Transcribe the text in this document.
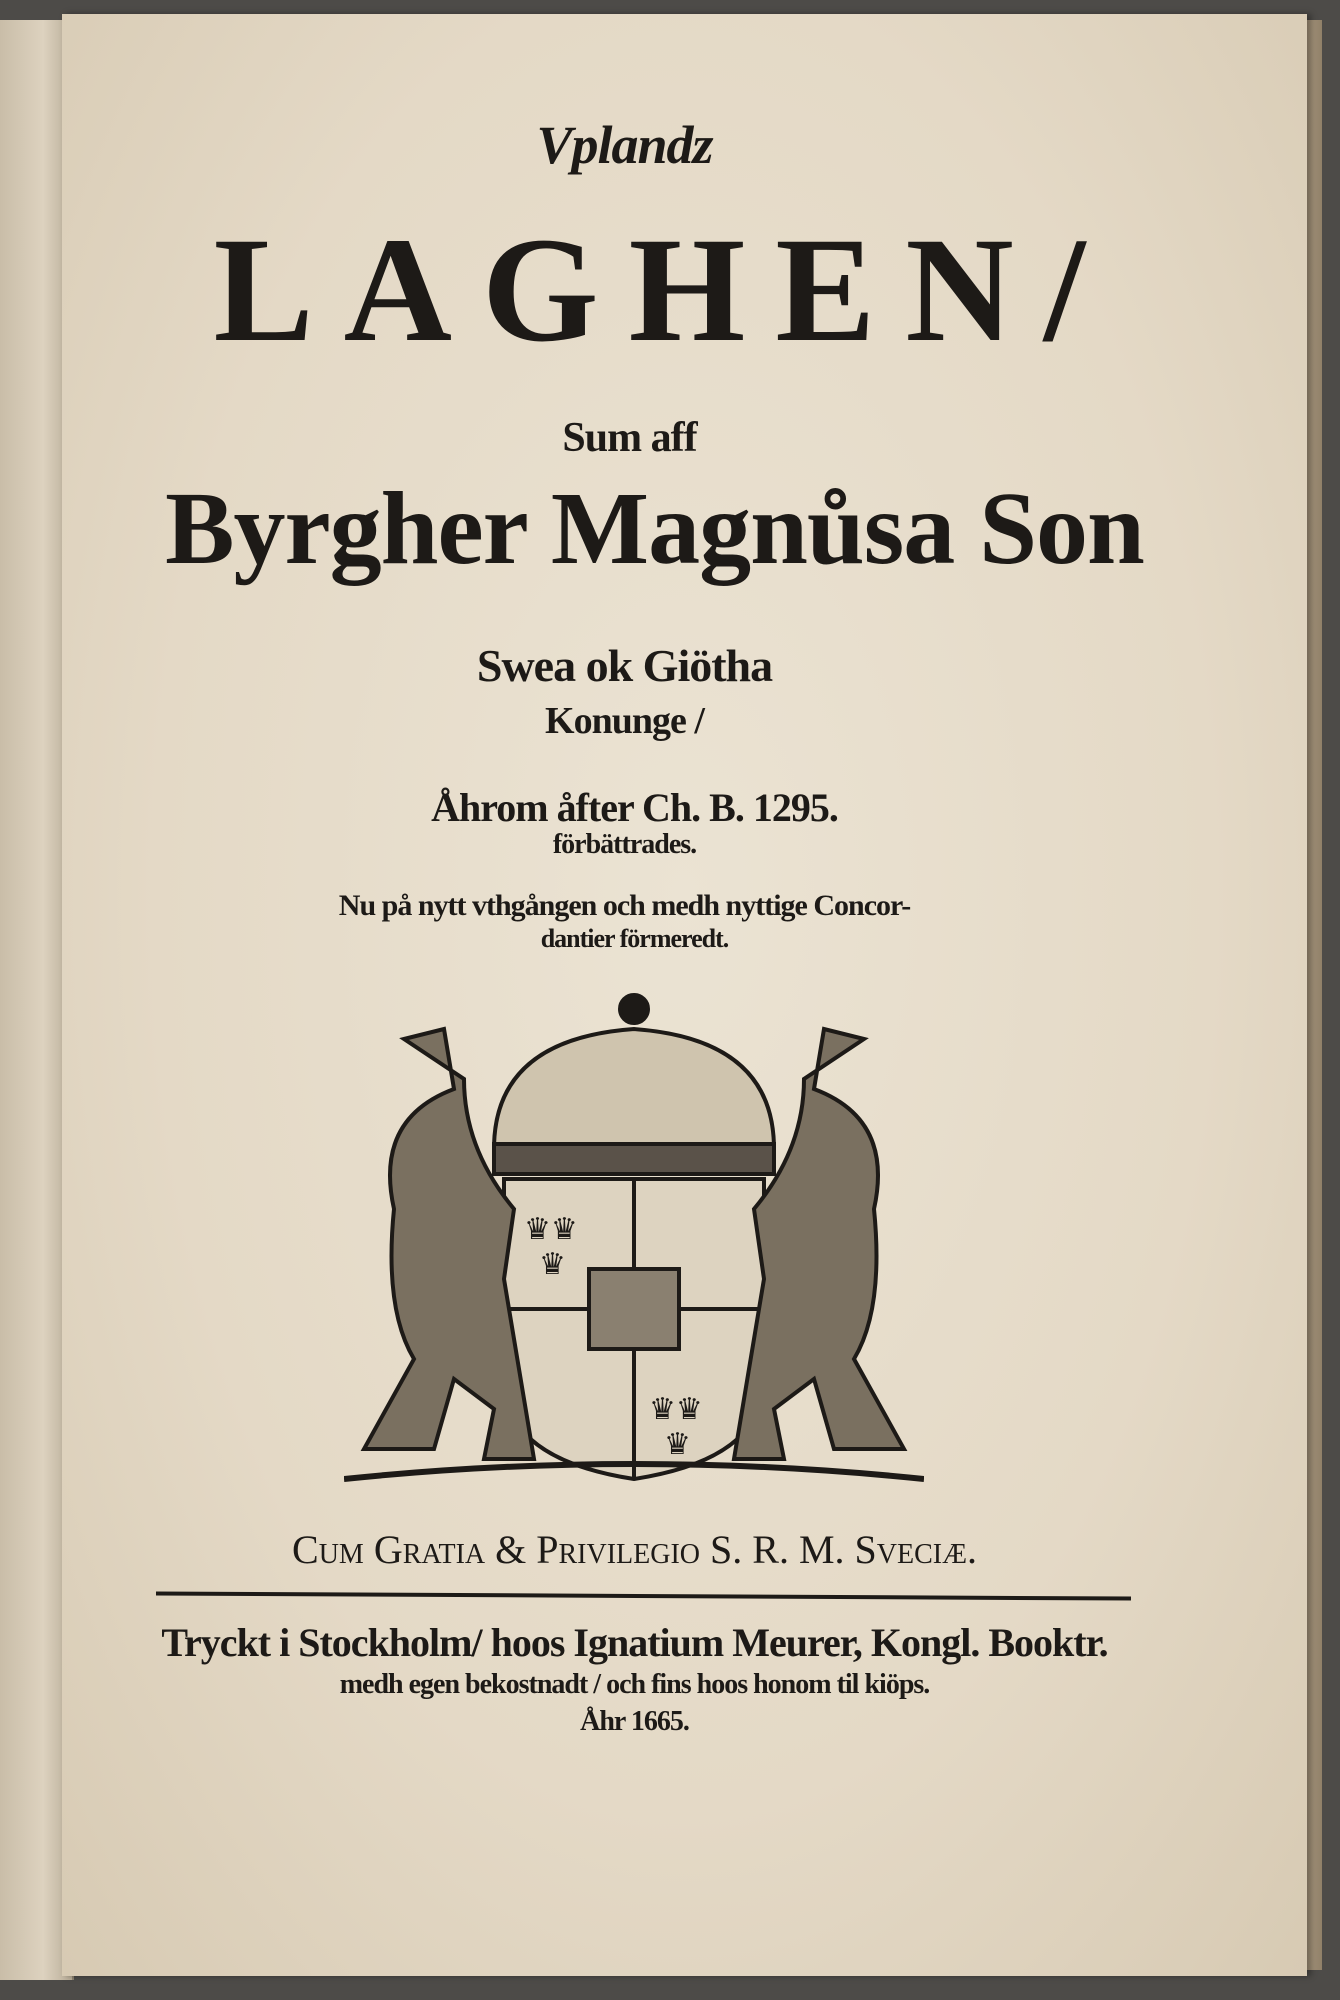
Vplandz
LAGHEN/
Sum aff
Byrgher Magnůsa Son
Swea ok Giötha
Konunge /
Åhrom åfter Ch. B. 1295.
förbättrades.
Nu på nytt vthgången och medh nyttige Concor-
dantier förmeredt.
♛♛
♛
♛♛
♛
Cum Gratia & Privilegio S. R. M. Sveciæ.
Tryckt i Stockholm/ hoos Ignatium Meurer, Kongl. Booktr.
medh egen bekostnadt / och fins hoos honom til kiöps.
Åhr 1665.
